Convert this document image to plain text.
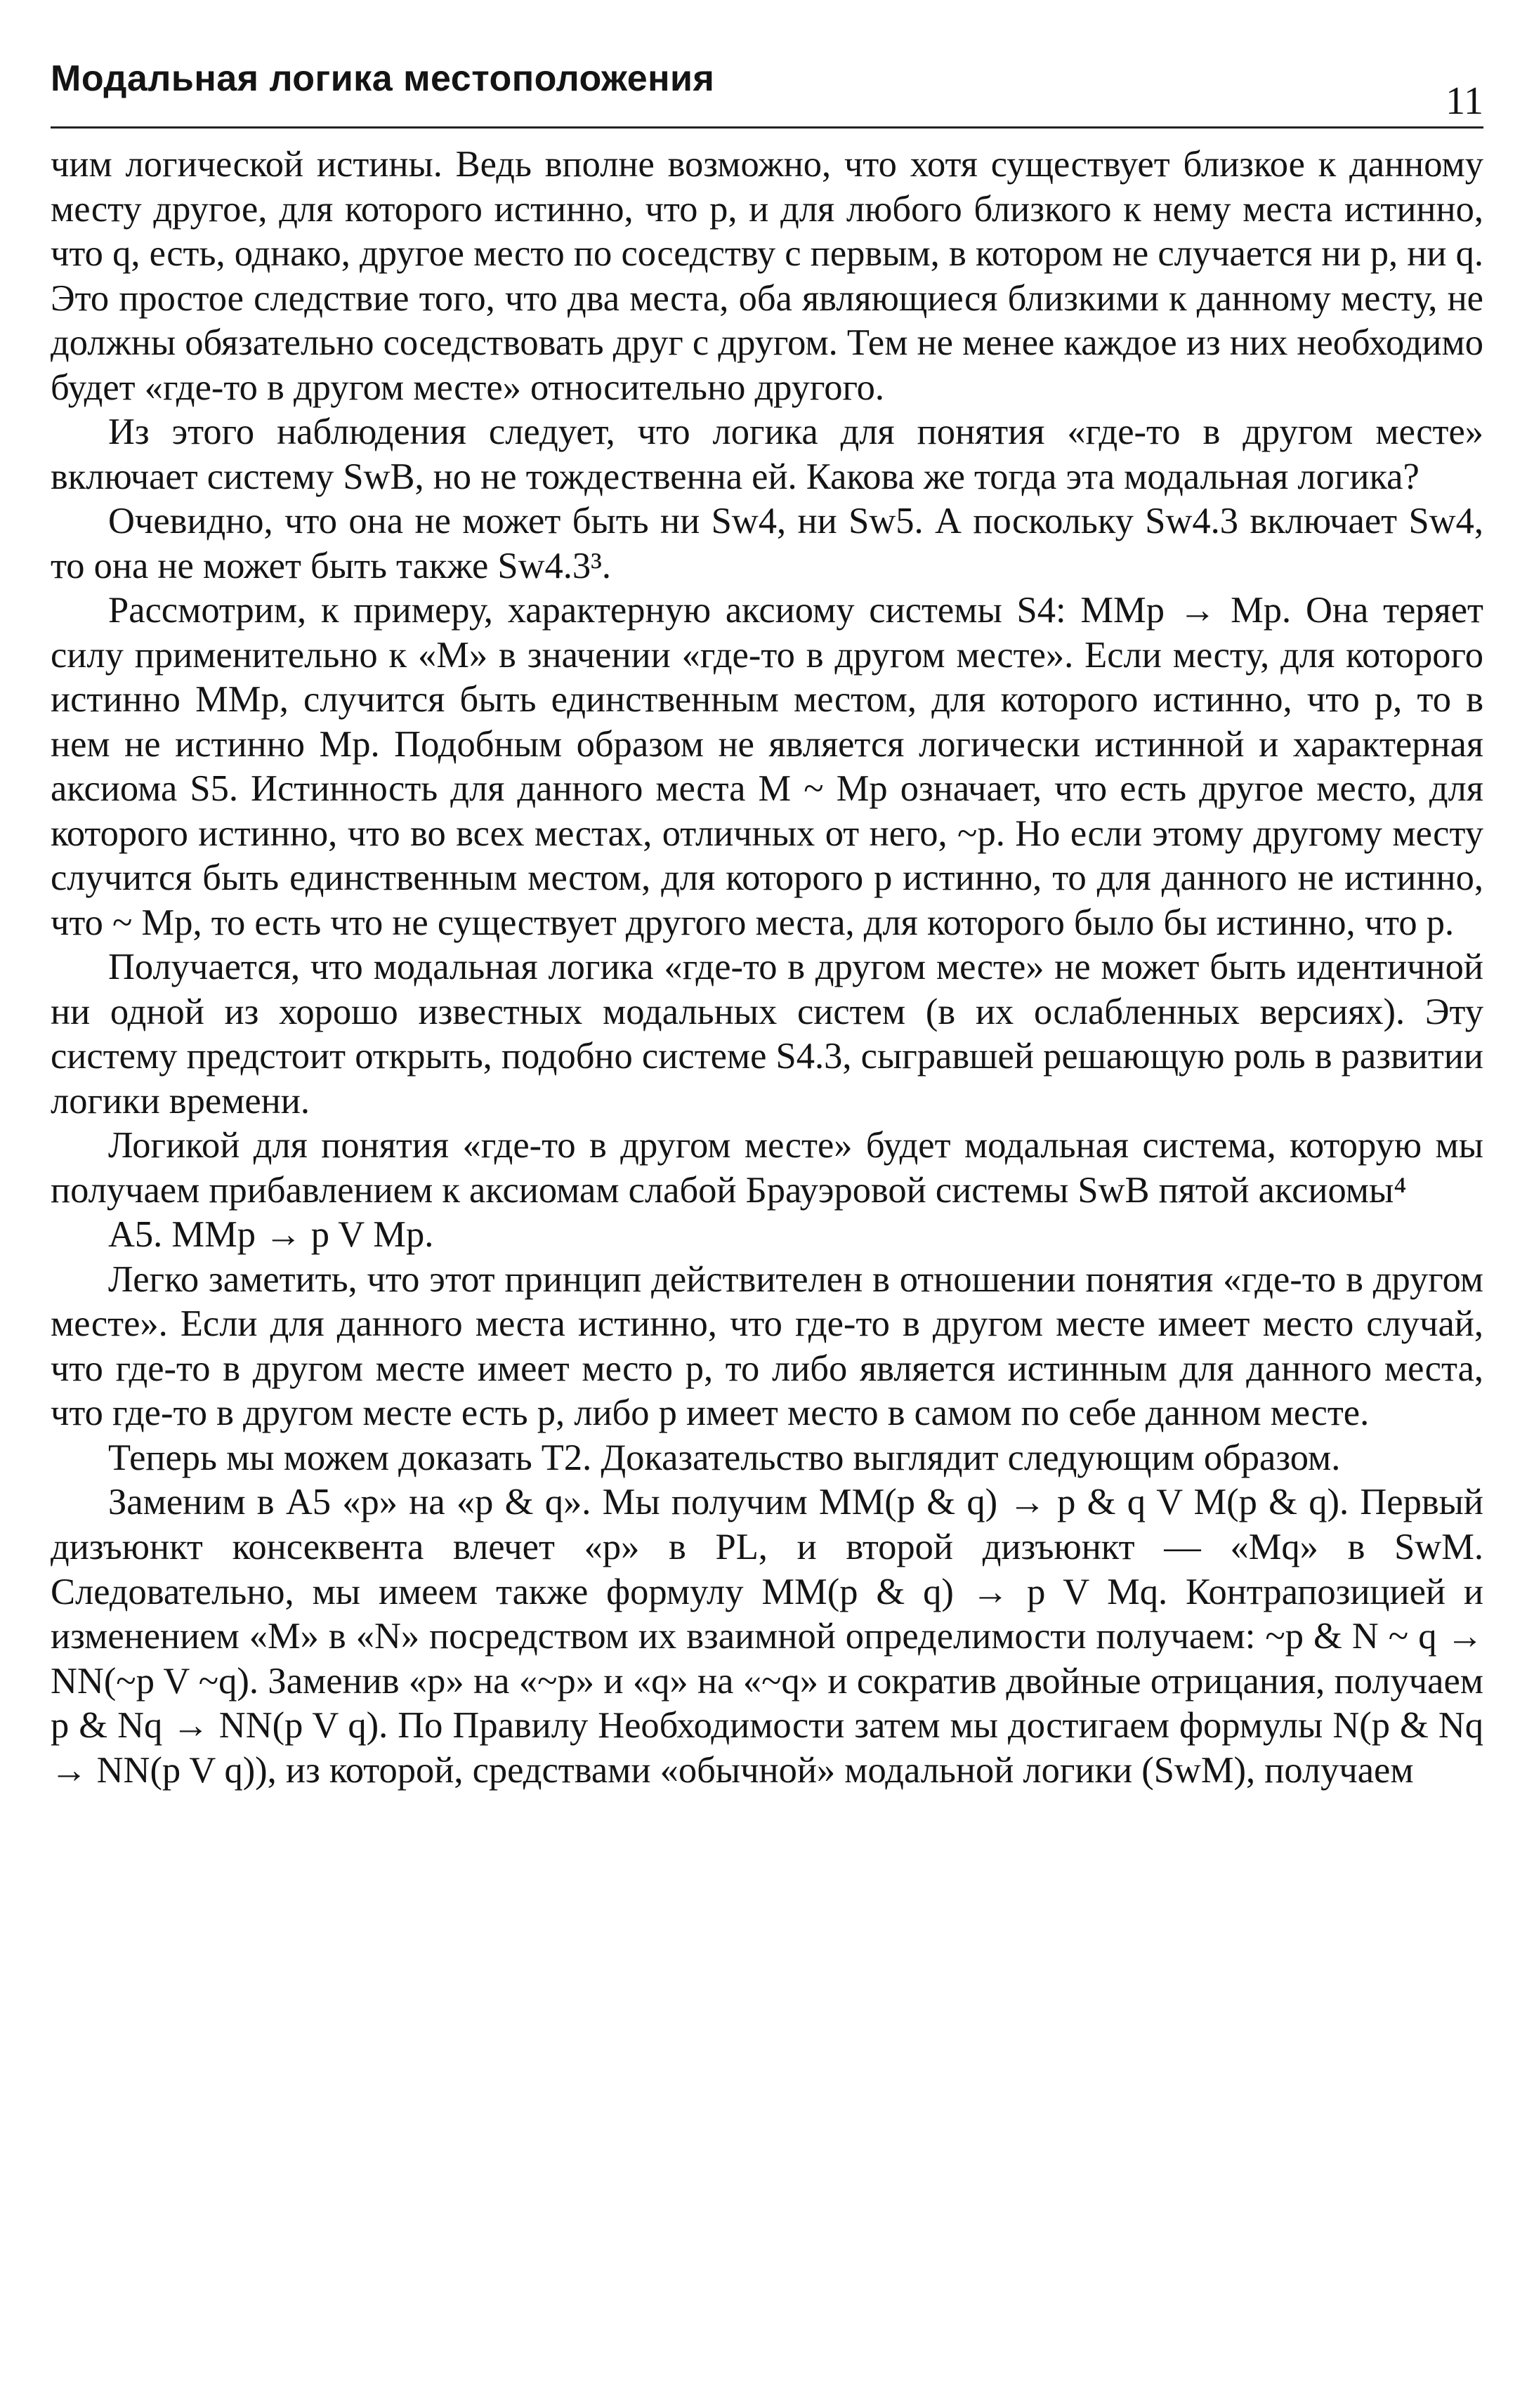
Модальная логика местоположения
11

чим логической истины. Ведь вполне возможно, что хотя существует близкое к данному месту другое, для которого истинно, что p, и для любого близкого к нему места истинно, что q, есть, однако, другое место по соседству с первым, в котором не случается ни p, ни q. Это простое следствие того, что два места, оба являющиеся близкими к данному месту, не должны обязательно соседствовать друг с другом. Тем не менее каждое из них необходимо будет «где-то в другом месте» относительно другого.

Из этого наблюдения следует, что логика для понятия «где-то в другом месте» включает систему SwB, но не тождественна ей. Какова же тогда эта модальная логика?

Очевидно, что она не может быть ни Sw4, ни Sw5. А поскольку Sw4.3 включает Sw4, то она не может быть также Sw4.3³.

Рассмотрим, к примеру, характерную аксиому системы S4: MMp → Mp. Она теряет силу применительно к «M» в значении «где-то в другом месте». Если месту, для которого истинно MMp, случится быть единственным местом, для которого истинно, что p, то в нем не истинно Mp. Подобным образом не является логически истинной и характерная аксиома S5. Истинность для данного места M ~ Mp означает, что есть другое место, для которого истинно, что во всех местах, отличных от него, ~p. Но если этому другому месту случится быть единственным местом, для которого p истинно, то для данного не истинно, что ~ Mp, то есть что не существует другого места, для которого было бы истинно, что p.

Получается, что модальная логика «где-то в другом месте» не может быть идентичной ни одной из хорошо известных модальных систем (в их ослабленных версиях). Эту систему предстоит открыть, подобно системе S4.3, сыгравшей решающую роль в развитии логики времени.

Логикой для понятия «где-то в другом месте» будет модальная система, которую мы получаем прибавлением к аксиомам слабой Брауэровой системы SwB пятой аксиомы⁴

A5. MMp → p V Mp.

Легко заметить, что этот принцип действителен в отношении понятия «где-то в другом месте». Если для данного места истинно, что где-то в другом месте имеет место случай, что где-то в другом месте имеет место p, то либо является истинным для данного места, что где-то в другом месте есть p, либо p имеет место в самом по себе данном месте.

Теперь мы можем доказать T2. Доказательство выглядит следующим образом.

Заменим в A5 «p» на «p & q». Мы получим MM(p & q) → p & q V M(p & q). Первый дизъюнкт консеквента влечет «p» в PL, и второй дизъюнкт — «Mq» в SwM. Следовательно, мы имеем также формулу MM(p & q) → p V Mq. Контрапозицией и изменением «M» в «N» посредством их взаимной определимости получаем: ~p & N ~ q → NN(~p V ~q). Заменив «p» на «~p» и «q» на «~q» и сократив двойные отрицания, получаем p & Nq → NN(p V q). По Правилу Необходимости затем мы достигаем формулы N(p & Nq → NN(p V q)), из которой, средствами «обычной» модальной логики (SwM), получаем
